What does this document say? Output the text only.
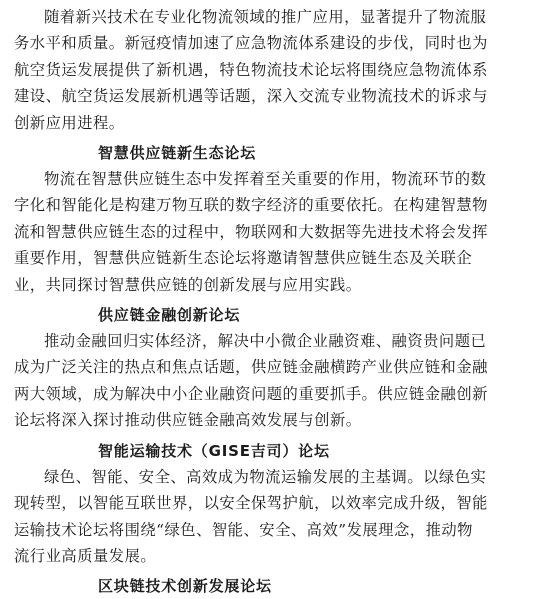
随着新兴技术在专业化物流领域的推广应用，显著提升了物流服
务水平和质量。新冠疫情加速了应急物流体系建设的步伐，同时也为
航空货运发展提供了新机遇，特色物流技术论坛将围绕应急物流体系
建设、航空货运发展新机遇等话题，深入交流专业物流技术的诉求与
创新应用进程。
智慧供应链新生态论坛
物流在智慧供应链生态中发挥着至关重要的作用，物流环节的数
字化和智能化是构建万物互联的数字经济的重要依托。在构建智慧物
流和智慧供应链生态的过程中，物联网和大数据等先进技术将会发挥
重要作用，智慧供应链新生态论坛将邀请智慧供应链生态及关联企
业，共同探讨智慧供应链的创新发展与应用实践。
供应链金融创新论坛
推动金融回归实体经济，解决中小微企业融资难、融资贵问题已
成为广泛关注的热点和焦点话题，供应链金融横跨产业供应链和金融
两大领域，成为解决中小企业融资问题的重要抓手。供应链金融创新
论坛将深入探讨推动供应链金融高效发展与创新。
智能运输技术（GISE吉司）论坛
绿色、智能、安全、高效成为物流运输发展的主基调。以绿色实
现转型，以智能互联世界，以安全保驾护航，以效率完成升级，智能
运输技术论坛将围绕“绿色、智能、安全、高效”发展理念，推动物
流行业高质量发展。
区块链技术创新发展论坛
